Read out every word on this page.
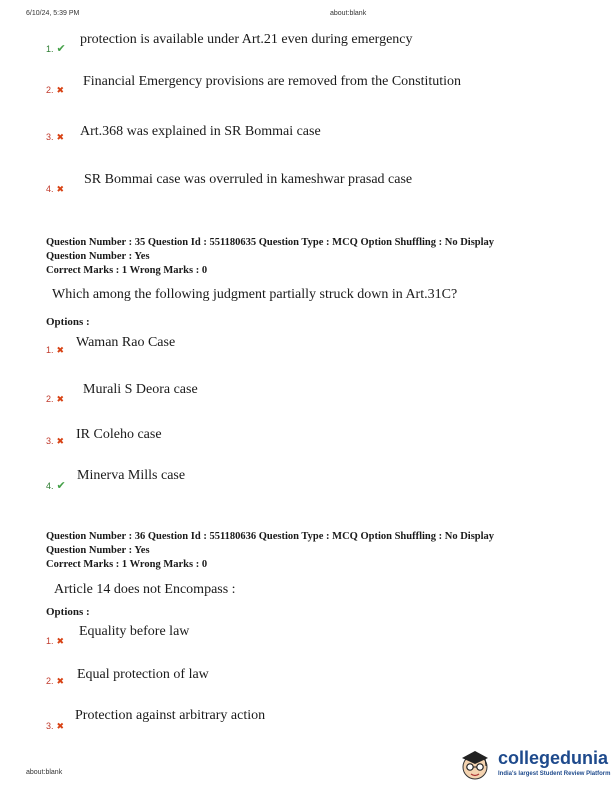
6/10/24, 5:39 PM	about:blank
1. ✔
protection is available under Art.21 even during emergency
2. ✖
Financial Emergency provisions are removed from the Constitution
3. ✖ Art.368 was explained in SR Bommai case
4. ✖
SR Bommai case was overruled in kameshwar prasad case
Question Number : 35 Question Id : 551180635 Question Type : MCQ Option Shuffling : No Display
Question Number : Yes
Correct Marks : 1 Wrong Marks : 0
Which among the following judgment partially struck down in Art.31C?
Options :
1. ✖ Waman Rao Case
2. ✖
Murali S Deora case
3. ✖ IR Coleho case
4. ✔
Minerva Mills case
Question Number : 36 Question Id : 551180636 Question Type : MCQ Option Shuffling : No Display
Question Number : Yes
Correct Marks : 1 Wrong Marks : 0
Article 14 does not Encompass :
Options :
1. ✖
Equality before law
2. ✖ Equal protection of law
3. ✖
Protection against arbitrary action
about:blank
collegedunia
India's largest Student Review Platform
